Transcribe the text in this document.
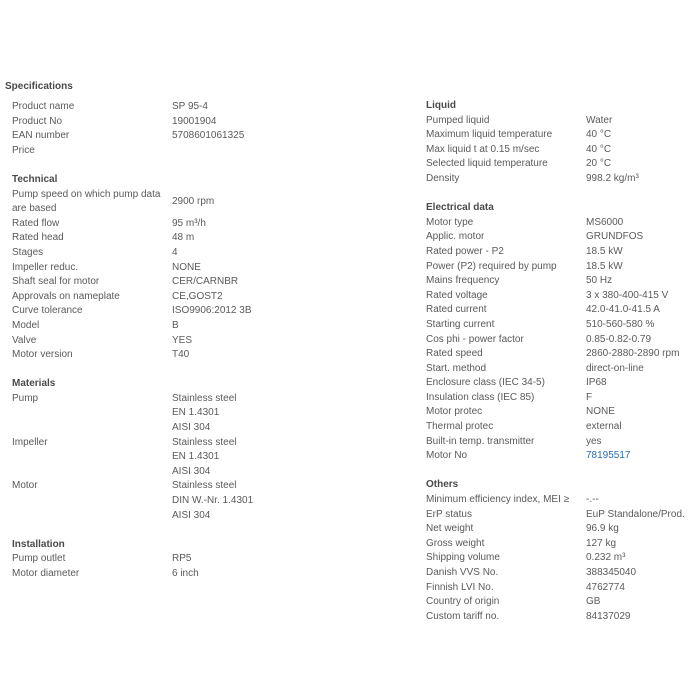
Specifications
Product name	SP 95-4
Product No	19001904
EAN number	5708601061325
Price
Technical
Pump speed on which pump data are based
2900 rpm
Rated flow	95 m³/h
Rated head	48 m
Stages	4
Impeller reduc.	NONE
Shaft seal for motor	CER/CARNBR
Approvals on nameplate	CE,GOST2
Curve tolerance	ISO9906:2012 3B
Model	B
Valve	YES
Motor version	T40
Materials
Pump	Stainless steel
EN 1.4301
AISI 304
Impeller	Stainless steel
EN 1.4301
AISI 304
Motor	Stainless steel
DIN W.-Nr. 1.4301
AISI 304
Installation
Pump outlet	RP5
Motor diameter	6 inch
Liquid
Pumped liquid	Water
Maximum liquid temperature	40 °C
Max liquid t at 0.15 m/sec	40 °C
Selected liquid temperature	20 °C
Density	998.2 kg/m³
Electrical data
Motor type	MS6000
Applic. motor	GRUNDFOS
Rated power - P2	18.5 kW
Power (P2) required by pump	18.5 kW
Mains frequency	50 Hz
Rated voltage	3 x 380-400-415 V
Rated current	42.0-41.0-41.5 A
Starting current	510-560-580 %
Cos phi - power factor	0.85-0.82-0.79
Rated speed	2860-2880-2890 rpm
Start. method	direct-on-line
Enclosure class (IEC 34-5)	IP68
Insulation class (IEC 85)	F
Motor protec	NONE
Thermal protec	external
Built-in temp. transmitter	yes
Motor No	78195517
Others
Minimum efficiency index, MEI ≥	-.--
ErP status	EuP Standalone/Prod.
Net weight	96.9 kg
Gross weight	127 kg
Shipping volume	0.232 m³
Danish VVS No.	388345040
Finnish LVI No.	4762774
Country of origin	GB
Custom tariff no.	84137029
